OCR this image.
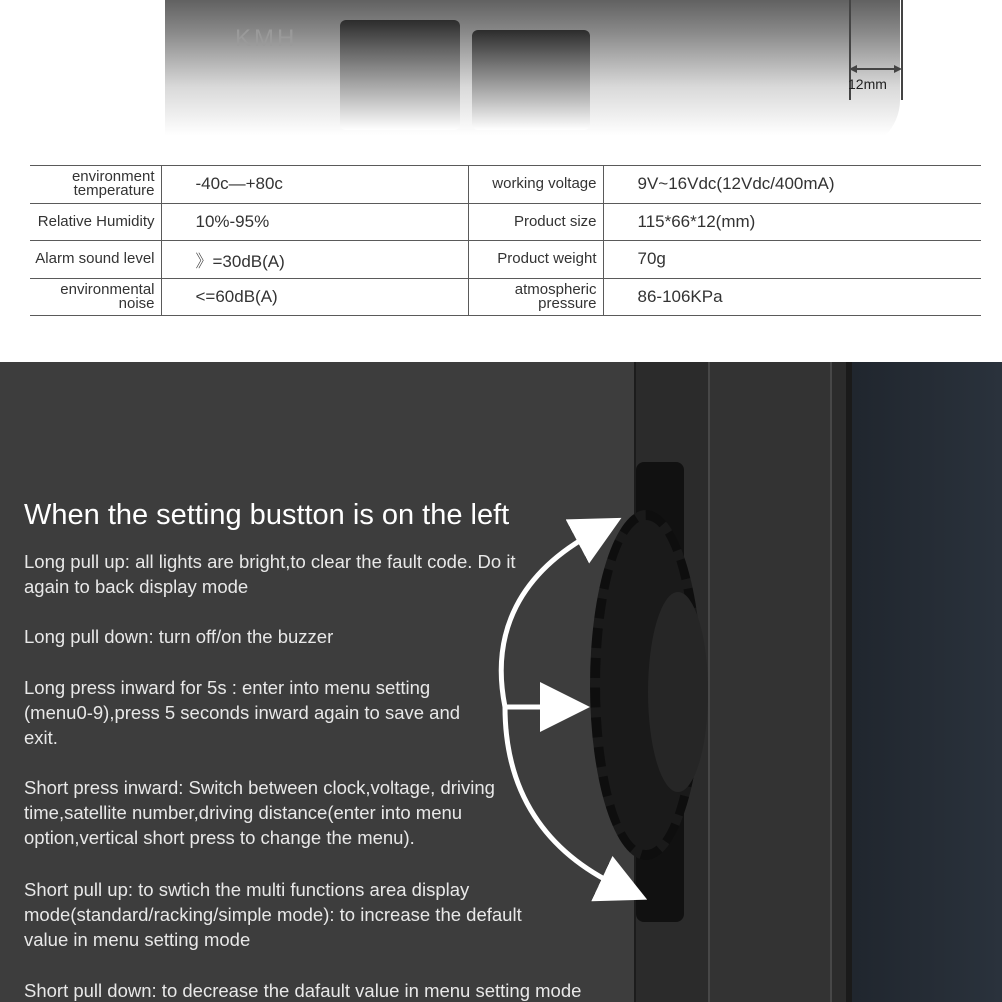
KMH
12mm
environment temperature	-40c—+80c	working voltage	9V~16Vdc(12Vdc/400mA)
Relative Humidity	10%-95%	Product size	115*66*12(mm)
Alarm sound level	》=30dB(A)	Product weight	70g
environmental noise	<=60dB(A)	atmospheric pressure	86-106KPa
When the setting bustton is on the left

Long pull up: all lights are bright,to clear the fault code. Do it again to back display mode

Long pull down: turn off/on the buzzer

Long press inward for 5s : enter into menu setting (menu0-9),press 5 seconds inward again to save and exit.

Short press inward: Switch between clock,voltage, driving time,satellite number,driving distance(enter into menu option,vertical short press to change the menu).

Short pull up: to swtich the multi functions area display mode(standard/racking/simple mode): to increase the default value in menu setting mode

Short pull down: to decrease the dafault value in menu setting mode
